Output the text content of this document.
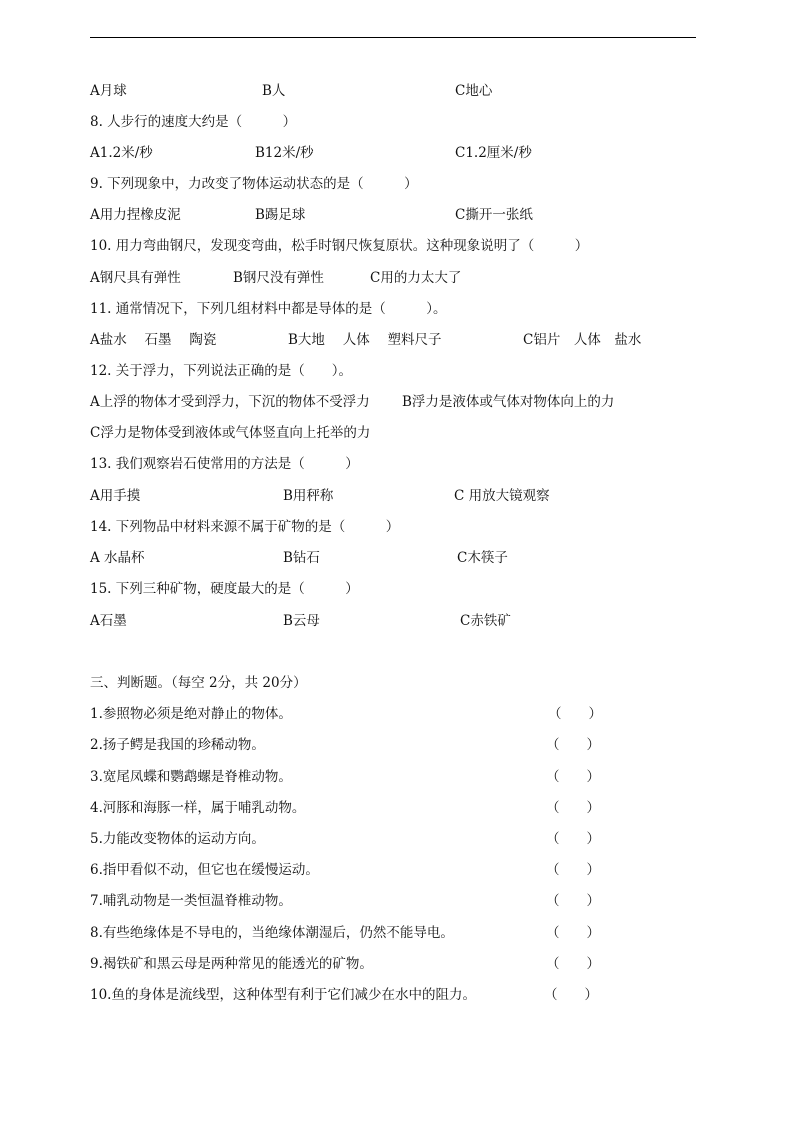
A月球	B人	C地心
8. 人步行的速度大约是（　　　）
A1.2米/秒	B12米/秒	C1.2厘米/秒
9. 下列现象中，力改变了物体运动状态的是（　　　）
A用力捏橡皮泥	B踢足球	C撕开一张纸
10. 用力弯曲钢尺，发现变弯曲，松手时钢尺恢复原状。这种现象说明了（　　　）
A钢尺具有弹性	B钢尺没有弹性	C用的力太大了
11. 通常情况下，下列几组材料中都是导体的是（　　　）。
A盐水　 石墨 　陶瓷	B大地 　人体　 塑料尺子	C铝片　人体　盐水
12. 关于浮力，下列说法正确的是（　　）。
A上浮的物体才受到浮力，下沉的物体不受浮力 B浮力是液体或气体对物体向上的力
C浮力是物体受到液体或气体竖直向上托举的力
13. 我们观察岩石使常用的方法是（　　　）
A用手摸	B用秤称	C 用放大镜观察
14. 下列物品中材料来源不属于矿物的是（　　　）
A 水晶杯	B钻石	C木筷子
15. 下列三种矿物，硬度最大的是（　　　）
A石墨	B云母	C赤铁矿
三、判断题。（每空 2分，共 20分）
1.参照物必须是绝对静止的物体。	（　　）
2.扬子鳄是我国的珍稀动物。	（　　）
3.宽尾凤蝶和鹦鹉螺是脊椎动物。	（　　）
4.河豚和海豚一样，属于哺乳动物。	（　　）
5.力能改变物体的运动方向。	（　　）
6.指甲看似不动，但它也在缓慢运动。	（　　）
7.哺乳动物是一类恒温脊椎动物。	（　　）
8.有些绝缘体是不导电的，当绝缘体潮湿后，仍然不能导电。	（　　）
9.褐铁矿和黑云母是两种常见的能透光的矿物。	（　　）
10.鱼的身体是流线型，这种体型有利于它们减少在水中的阻力。	（　　）
